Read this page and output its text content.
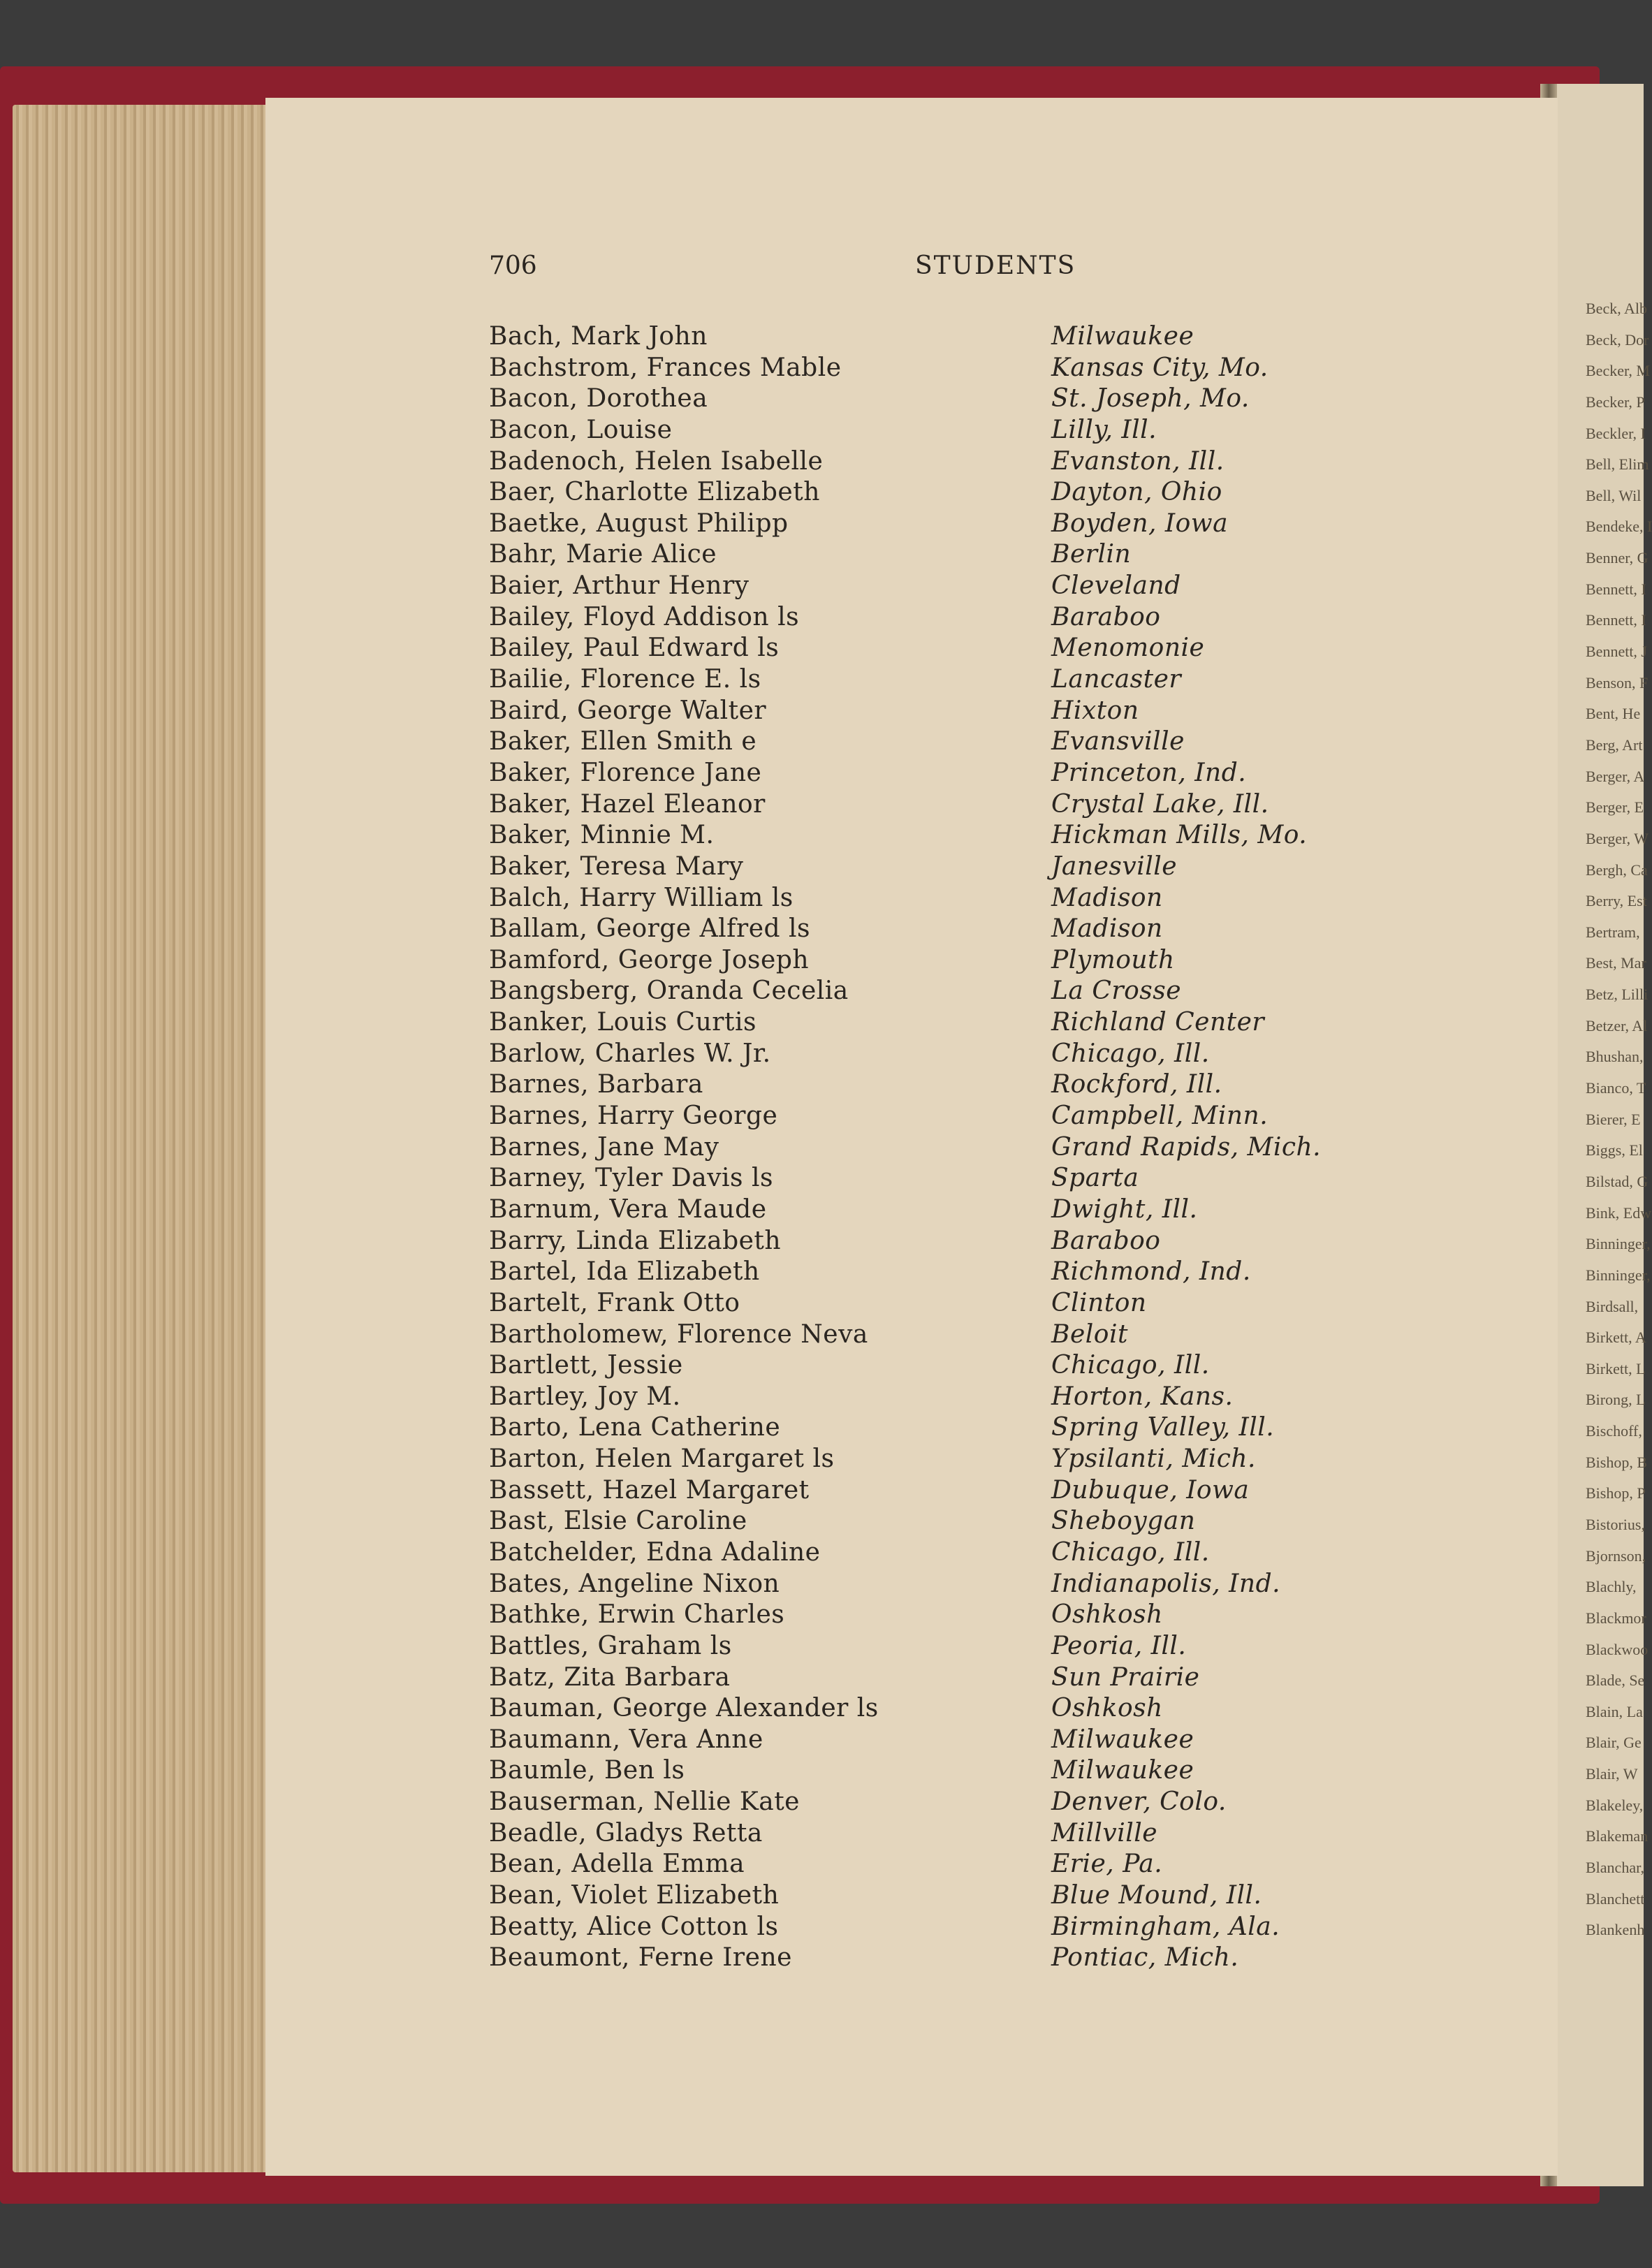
706	STUDENTS
Bach, Mark John	Milwaukee
Bachstrom, Frances Mable	Kansas City, Mo.
Bacon, Dorothea	St. Joseph, Mo.
Bacon, Louise	Lilly, Ill.
Badenoch, Helen Isabelle	Evanston, Ill.
Baer, Charlotte Elizabeth	Dayton, Ohio
Baetke, August Philipp	Boyden, Iowa
Bahr, Marie Alice	Berlin
Baier, Arthur Henry	Cleveland
Bailey, Floyd Addison ls	Baraboo
Bailey, Paul Edward ls	Menomonie
Bailie, Florence E. ls	Lancaster
Baird, George Walter	Hixton
Baker, Ellen Smith e	Evansville
Baker, Florence Jane	Princeton, Ind.
Baker, Hazel Eleanor	Crystal Lake, Ill.
Baker, Minnie M.	Hickman Mills, Mo.
Baker, Teresa Mary	Janesville
Balch, Harry William ls	Madison
Ballam, George Alfred ls	Madison
Bamford, George Joseph	Plymouth
Bangsberg, Oranda Cecelia	La Crosse
Banker, Louis Curtis	Richland Center
Barlow, Charles W. Jr.	Chicago, Ill.
Barnes, Barbara	Rockford, Ill.
Barnes, Harry George	Campbell, Minn.
Barnes, Jane May	Grand Rapids, Mich.
Barney, Tyler Davis ls	Sparta
Barnum, Vera Maude	Dwight, Ill.
Barry, Linda Elizabeth	Baraboo
Bartel, Ida Elizabeth	Richmond, Ind.
Bartelt, Frank Otto	Clinton
Bartholomew, Florence Neva	Beloit
Bartlett, Jessie	Chicago, Ill.
Bartley, Joy M.	Horton, Kans.
Barto, Lena Catherine	Spring Valley, Ill.
Barton, Helen Margaret ls	Ypsilanti, Mich.
Bassett, Hazel Margaret	Dubuque, Iowa
Bast, Elsie Caroline	Sheboygan
Batchelder, Edna Adaline	Chicago, Ill.
Bates, Angeline Nixon	Indianapolis, Ind.
Bathke, Erwin Charles	Oshkosh
Battles, Graham ls	Peoria, Ill.
Batz, Zita Barbara	Sun Prairie
Bauman, George Alexander ls	Oshkosh
Baumann, Vera Anne	Milwaukee
Baumle, Ben ls	Milwaukee
Bauserman, Nellie Kate	Denver, Colo.
Beadle, Gladys Retta	Millville
Bean, Adella Emma	Erie, Pa.
Bean, Violet Elizabeth	Blue Mound, Ill.
Beatty, Alice Cotton ls	Birmingham, Ala.
Beaumont, Ferne Irene	Pontiac, Mich.
Beck, Alb
Beck, Dor
Becker, M
Becker, P
Beckler, I
Bell, Elim
Bell, Wil
Bendeke, I
Benner, G
Bennett, I
Bennett, I
Bennett, J
Benson, F
Bent, He
Berg, Art
Berger, A
Berger, E
Berger, W
Bergh, Ca
Berry, Est
Bertram,
Best, Mar
Betz, Lilli
Betzer, Al
Bhushan,
Bianco, T
Bierer, E
Biggs, El
Bilstad, G
Bink, Edw
Binninger,
Binninger,
Birdsall,
Birkett, A
Birkett, L
Birong, L
Bischoff,
Bishop, B
Bishop, P
Bistorius,
Bjornson,
Blachly,
Blackmor
Blackwoo
Blade, Se
Blain, La
Blair, Ge
Blair, W
Blakeley,
Blakeman
Blanchar,
Blanchett
Blankenh
